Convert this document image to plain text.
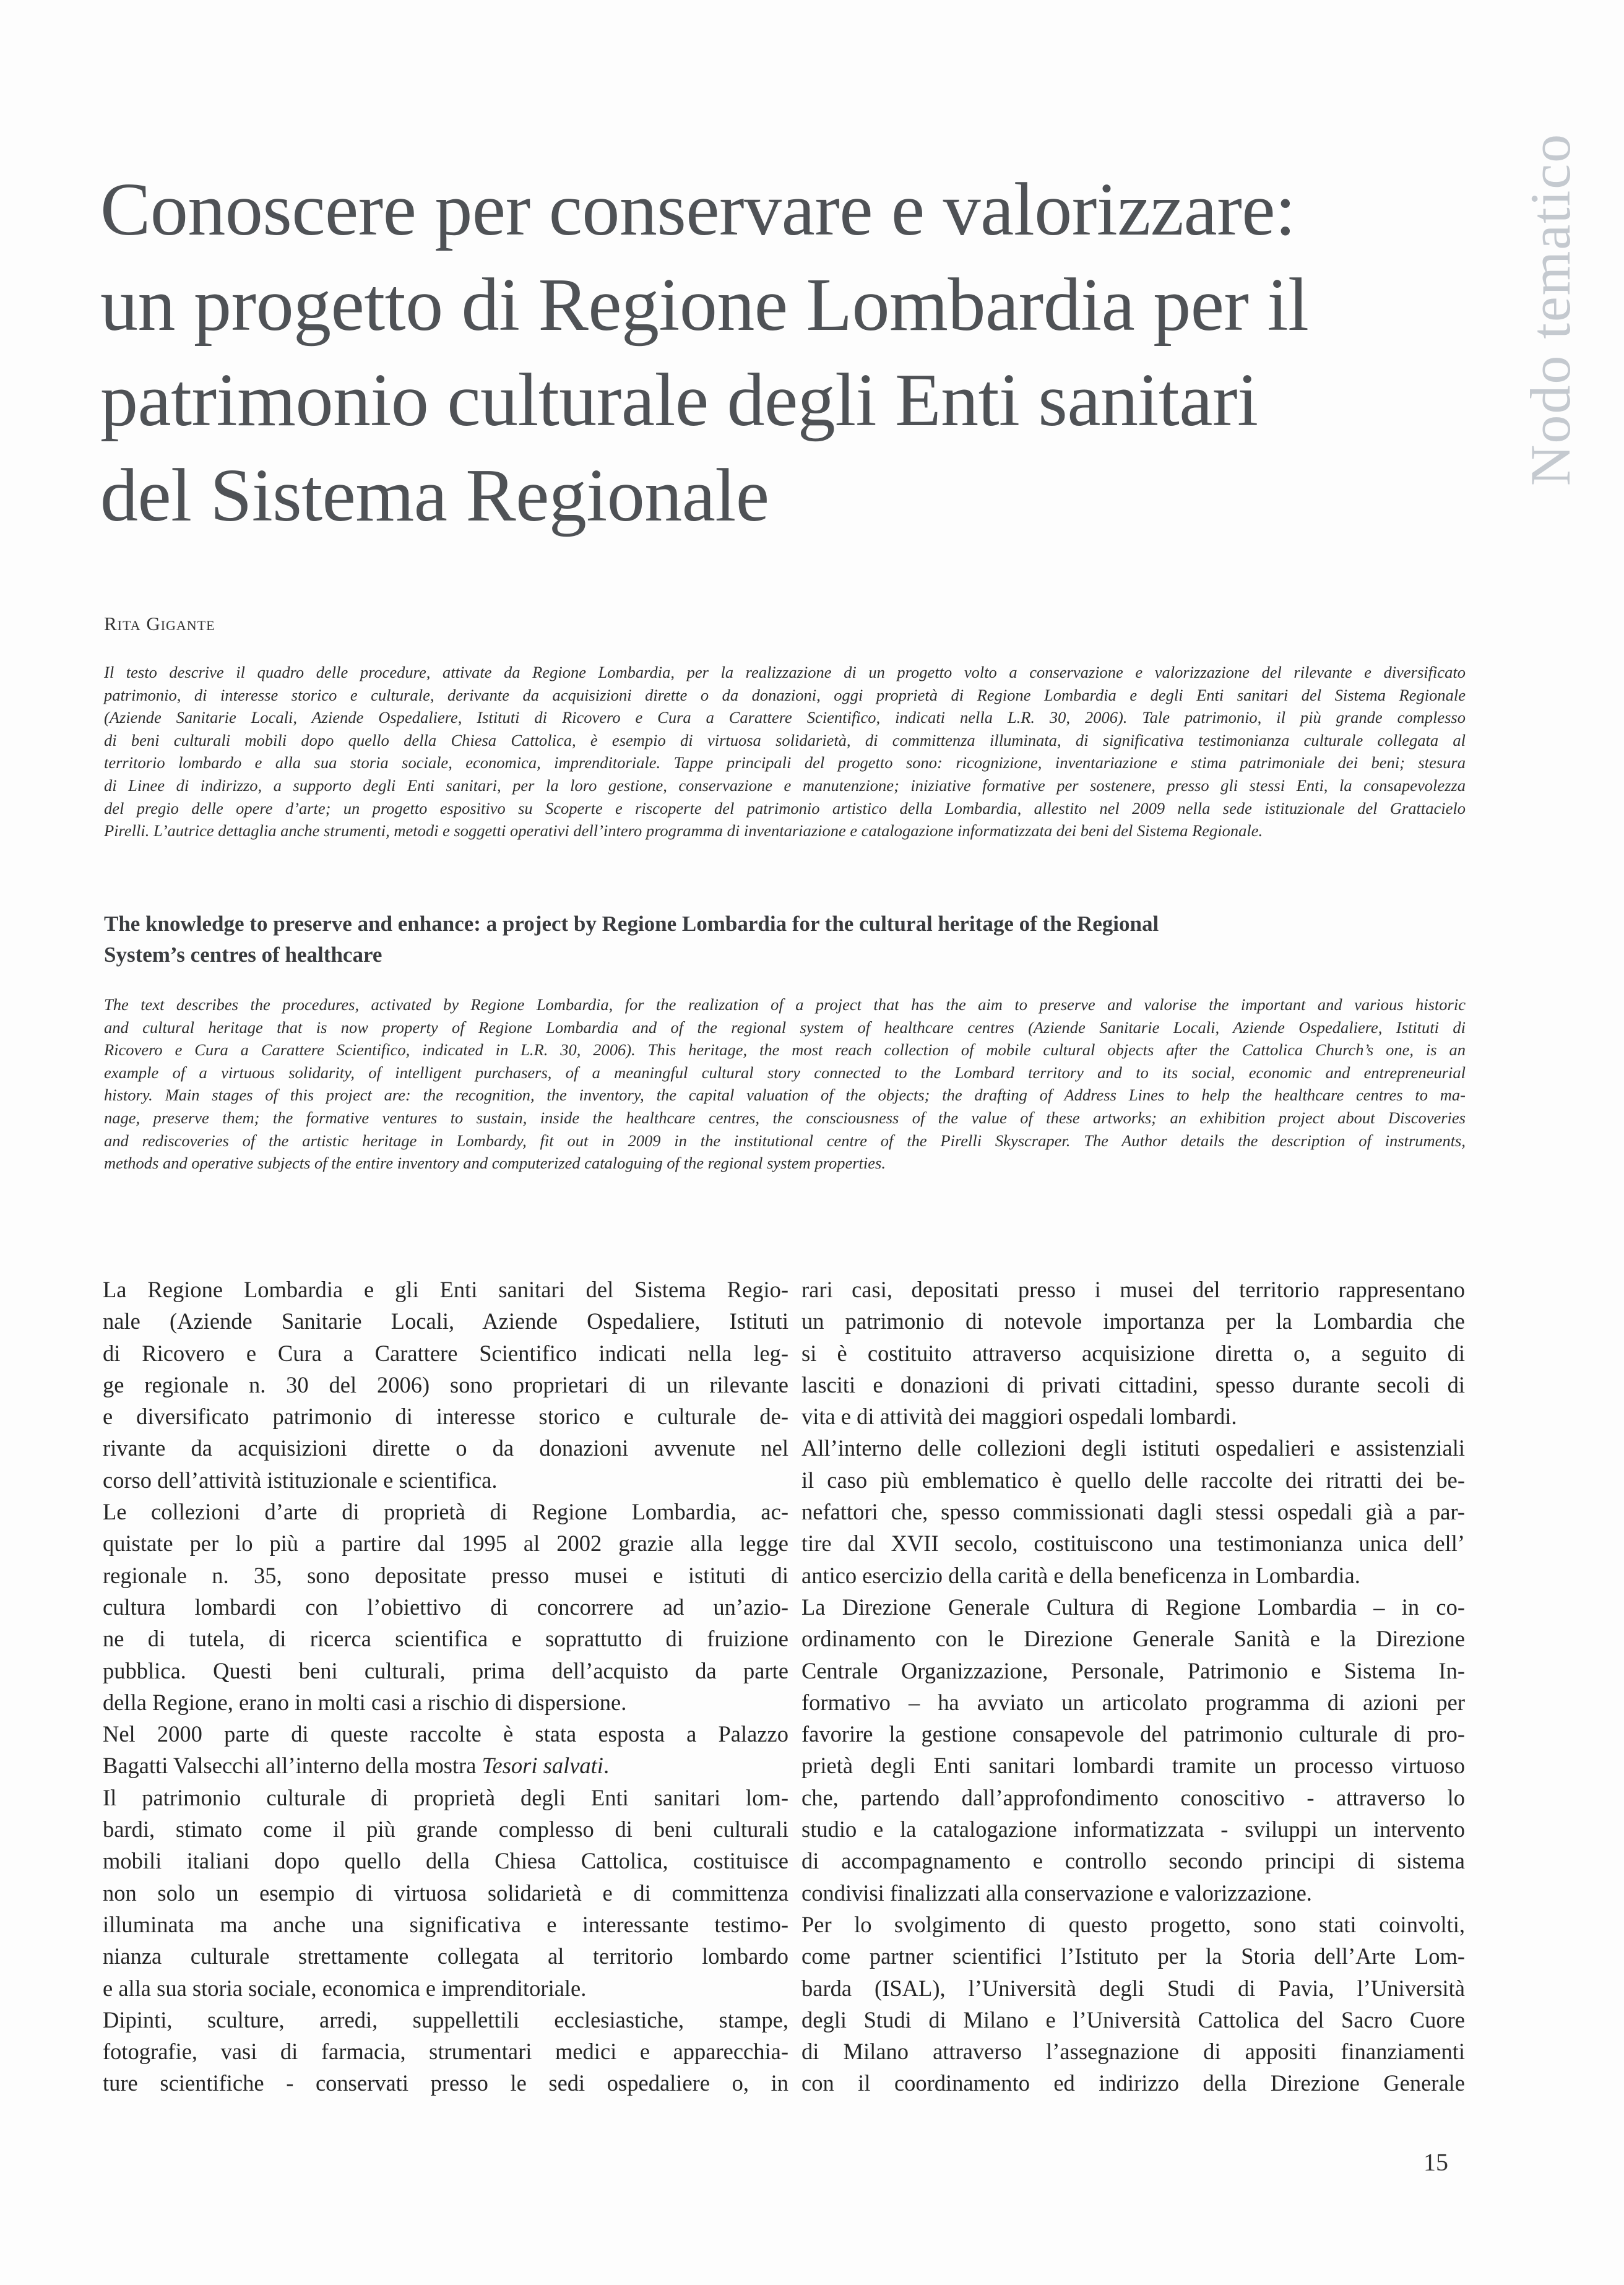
Nodo tematico
Conoscere per conservare e valorizzare:
un progetto di Regione Lombardia per il
patrimonio culturale degli Enti sanitari
del Sistema Regionale

Rita Gigante

Il testo descrive il quadro delle procedure, attivate da Regione Lombardia, per la realizzazione di un progetto volto a conservazione e valorizzazione del rilevante e diversificato
patrimonio, di interesse storico e culturale, derivante da acquisizioni dirette o da donazioni, oggi proprietà di Regione Lombardia e degli Enti sanitari del Sistema Regionale
(Aziende Sanitarie Locali, Aziende Ospedaliere, Istituti di Ricovero e Cura a Carattere Scientifico, indicati nella L.R. 30, 2006). Tale patrimonio, il più grande complesso
di beni culturali mobili dopo quello della Chiesa Cattolica, è esempio di virtuosa solidarietà, di committenza illuminata, di significativa testimonianza culturale collegata al
territorio lombardo e alla sua storia sociale, economica, imprenditoriale. Tappe principali del progetto sono: ricognizione, inventariazione e stima patrimoniale dei beni; stesura
di Linee di indirizzo, a supporto degli Enti sanitari, per la loro gestione, conservazione e manutenzione; iniziative formative per sostenere, presso gli stessi Enti, la consapevolezza
del pregio delle opere d’arte; un progetto espositivo su Scoperte e riscoperte del patrimonio artistico della Lombardia, allestito nel 2009 nella sede istituzionale del Grattacielo
Pirelli. L’autrice dettaglia anche strumenti, metodi e soggetti operativi dell’intero programma di inventariazione e catalogazione informatizzata dei beni del Sistema Regionale.
The knowledge to preserve and enhance: a project by Regione Lombardia for the cultural heritage of the Regional
System’s centres of healthcare
The text describes the procedures, activated by Regione Lombardia, for the realization of a project that has the aim to preserve and valorise the important and various historic
and cultural heritage that is now property of Regione Lombardia and of the regional system of healthcare centres (Aziende Sanitarie Locali, Aziende Ospedaliere, Istituti di
Ricovero e Cura a Carattere Scientifico, indicated in L.R. 30, 2006). This heritage, the most reach collection of mobile cultural objects after the Cattolica Church’s one, is an
example of a virtuous solidarity, of intelligent purchasers, of a meaningful cultural story connected to the Lombard territory and to its social, economic and entrepreneurial
history. Main stages of this project are: the recognition, the inventory, the capital valuation of the objects; the drafting of Address Lines to help the healthcare centres to ma-
nage, preserve them; the formative ventures to sustain, inside the healthcare centres, the consciousness of the value of these artworks; an exhibition project about Discoveries
and rediscoveries of the artistic heritage in Lombardy, fit out in 2009 in the institutional centre of the Pirelli Skyscraper. The Author details the description of instruments,
methods and operative subjects of the entire inventory and computerized cataloguing of the regional system properties.
La Regione Lombardia e gli Enti sanitari del Sistema Regio-
nale (Aziende Sanitarie Locali, Aziende Ospedaliere, Istituti
di Ricovero e Cura a Carattere Scientifico indicati nella leg-
ge regionale n. 30 del 2006) sono proprietari di un rilevante
e diversificato patrimonio di interesse storico e culturale de-
rivante da acquisizioni dirette o da donazioni avvenute nel
corso dell’attività istituzionale e scientifica.
Le collezioni d’arte di proprietà di Regione Lombardia, ac-
quistate per lo più a partire dal 1995 al 2002 grazie alla legge
regionale n. 35, sono depositate presso musei e istituti di
cultura lombardi con l’obiettivo di concorrere ad un’azio-
ne di tutela, di ricerca scientifica e soprattutto di fruizione
pubblica. Questi beni culturali, prima dell’acquisto da parte
della Regione, erano in molti casi a rischio di dispersione.
Nel 2000 parte di queste raccolte è stata esposta a Palazzo
Bagatti Valsecchi all’interno della mostra Tesori salvati.
Il patrimonio culturale di proprietà degli Enti sanitari lom-
bardi, stimato come il più grande complesso di beni culturali
mobili italiani dopo quello della Chiesa Cattolica, costituisce
non solo un esempio di virtuosa solidarietà e di committenza
illuminata ma anche una significativa e interessante testimo-
nianza culturale strettamente collegata al territorio lombardo
e alla sua storia sociale, economica e imprenditoriale.
Dipinti, sculture, arredi, suppellettili ecclesiastiche, stampe,
fotografie, vasi di farmacia, strumentari medici e apparecchia-
ture scientifiche - conservati presso le sedi ospedaliere o, in
rari casi, depositati presso i musei del territorio rappresentano
un patrimonio di notevole importanza per la Lombardia che
si è costituito attraverso acquisizione diretta o, a seguito di
lasciti e donazioni di privati cittadini, spesso durante secoli di
vita e di attività dei maggiori ospedali lombardi.
All’interno delle collezioni degli istituti ospedalieri e assistenziali
il caso più emblematico è quello delle raccolte dei ritratti dei be-
nefattori che, spesso commissionati dagli stessi ospedali già a par-
tire dal XVII secolo, costituiscono una testimonianza unica dell’
antico esercizio della carità e della beneficenza in Lombardia.
La Direzione Generale Cultura di Regione Lombardia – in co-
ordinamento con le Direzione Generale Sanità e la Direzione
Centrale Organizzazione, Personale, Patrimonio e Sistema In-
formativo – ha avviato un articolato programma di azioni per
favorire la gestione consapevole del patrimonio culturale di pro-
prietà degli Enti sanitari lombardi tramite un processo virtuoso
che, partendo dall’approfondimento conoscitivo - attraverso lo
studio e la catalogazione informatizzata - sviluppi un intervento
di accompagnamento e controllo secondo principi di sistema
condivisi finalizzati alla conservazione e valorizzazione.
Per lo svolgimento di questo progetto, sono stati coinvolti,
come partner scientifici l’Istituto per la Storia dell’Arte Lom-
barda (ISAL), l’Università degli Studi di Pavia, l’Università
degli Studi di Milano e l’Università Cattolica del Sacro Cuore
di Milano attraverso l’assegnazione di appositi finanziamenti
con il coordinamento ed indirizzo della Direzione Generale
15
